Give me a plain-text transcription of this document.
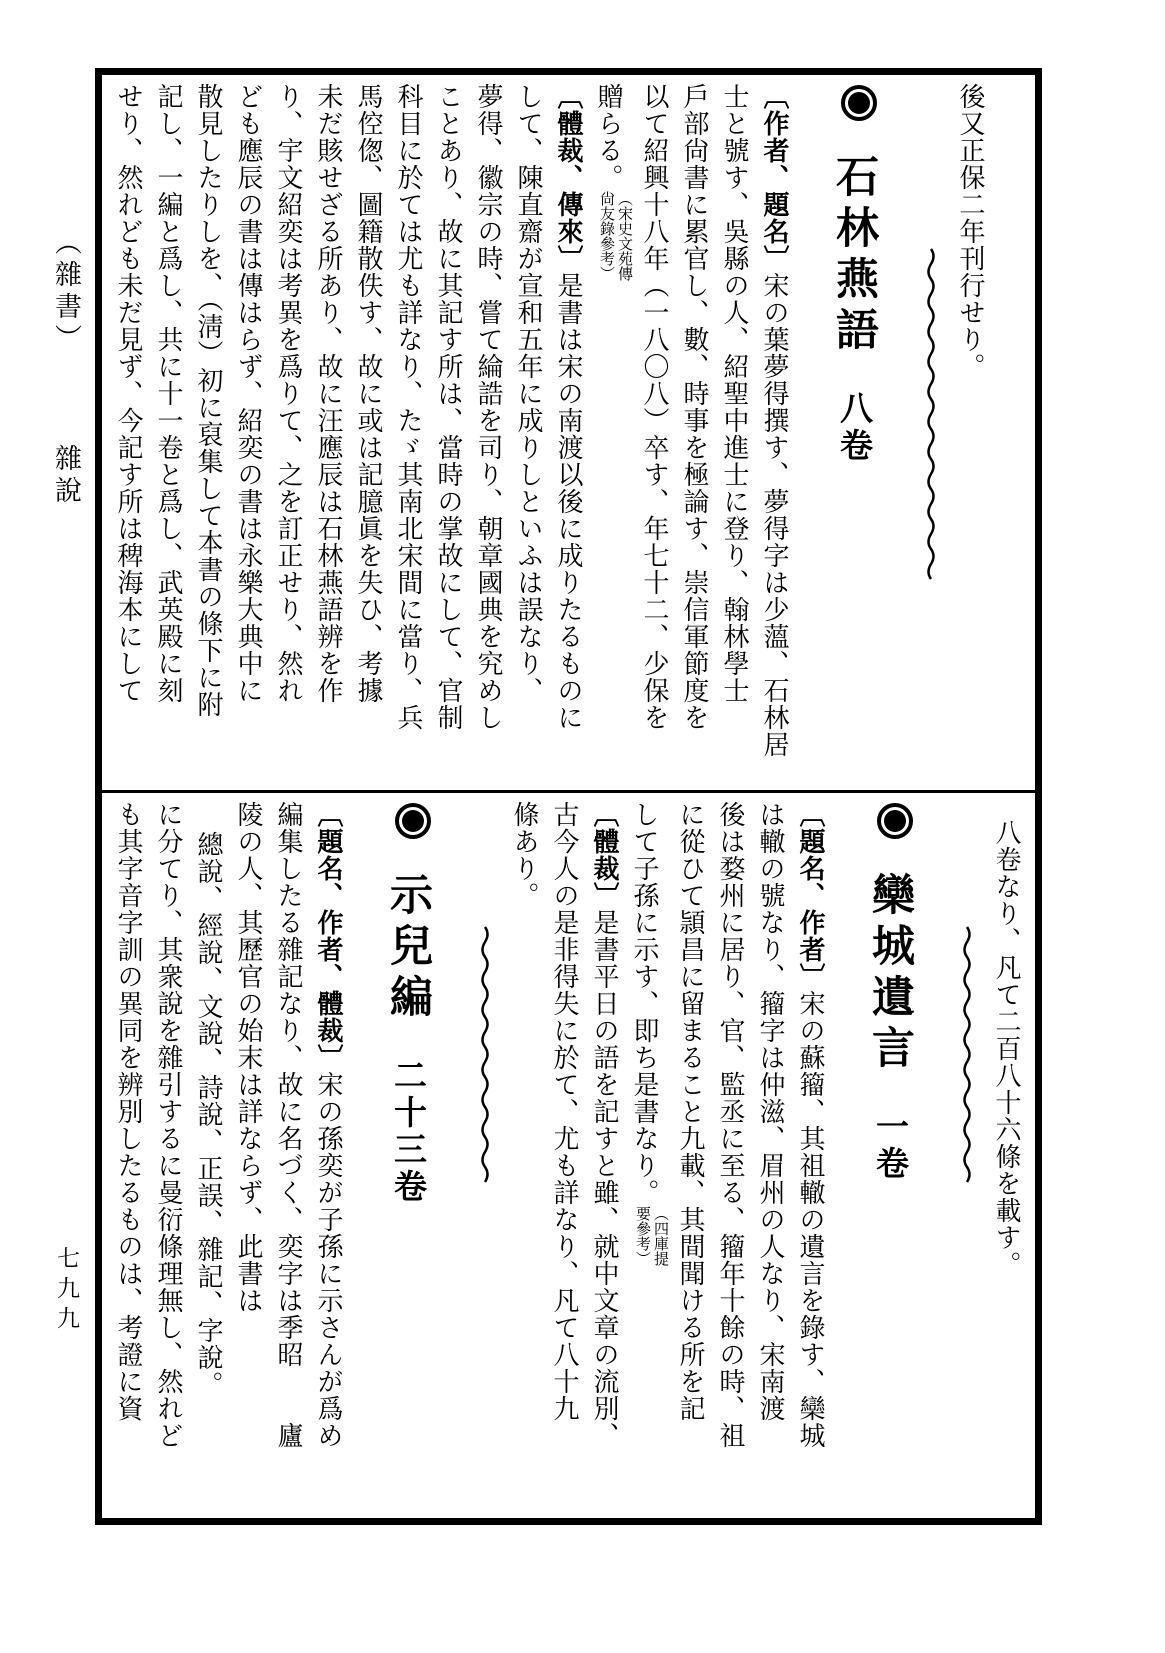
（雜書） 雜說
七九九
後又正保二年刊行せり。
石林燕語 八卷
〔作者、題名〕宋の葉夢得撰す、夢得字は少薀、石林居
士と號す、吳縣の人、紹聖中進士に登り、翰林學士
戶部尙書に累官し、數、時事を極論す、崇信軍節度を
以て紹興十八年（一八〇八）卒す、年七十二、少保を
贈らる。
（宋史文苑傳
尙友錄參考）
〔體裁、傳來〕是書は宋の南渡以後に成りたるものに
して、陳直齋が宣和五年に成りしといふは誤なり、
夢得、徽宗の時、嘗て綸誥を司り、朝章國典を究めし
ことあり、故に其記す所は、當時の掌故にして、官制
科目に於ては尤も詳なり、たゞ其南北宋間に當り、兵
馬倥偬、圖籍散佚す、故に或は記臆眞を失ひ、考據
未だ賅せざる所あり、故に汪應辰は石林燕語辨を作
り、宇文紹奕は考異を爲りて、之を訂正せり、然れ
ども應辰の書は傳はらず、紹奕の書は永樂大典中に
散見したりしを、（淸）初に裒集して本書の條下に附
記し、一編と爲し、共に十一卷と爲し、武英殿に刻
せり、然れども未だ見ず、今記す所は稗海本にして
八卷なり、凡て二百八十六條を載す。
欒城遺言 一卷
〔題名、作者〕宋の蘇籀、其祖轍の遺言を錄す、欒城
は轍の號なり、籀字は仲滋、眉州の人なり、宋南渡
後は婺州に居り、官、監丞に至る、籀年十餘の時、祖
に從ひて頴昌に留まること九載、其間聞ける所を記
して子孫に示す、即ち是書なり。
（四庫提
要參考）
〔體裁〕是書平日の語を記すと雖、就中文章の流別、
古今人の是非得失に於て、尤も詳なり、凡て八十九
條あり。
示兒編 二十三卷
〔題名、作者、體裁〕宋の孫奕が子孫に示さんが爲め
編集したる雜記なり、故に名づく、奕字は季昭　　廬
陵の人、其歷官の始末は詳ならず、此書は
總說、經說、文說、詩說、正誤、雜記、字說。
に分てり、其衆說を雜引するに曼衍條理無し、然れど
も其字音字訓の異同を辨別したるものは、考證に資
